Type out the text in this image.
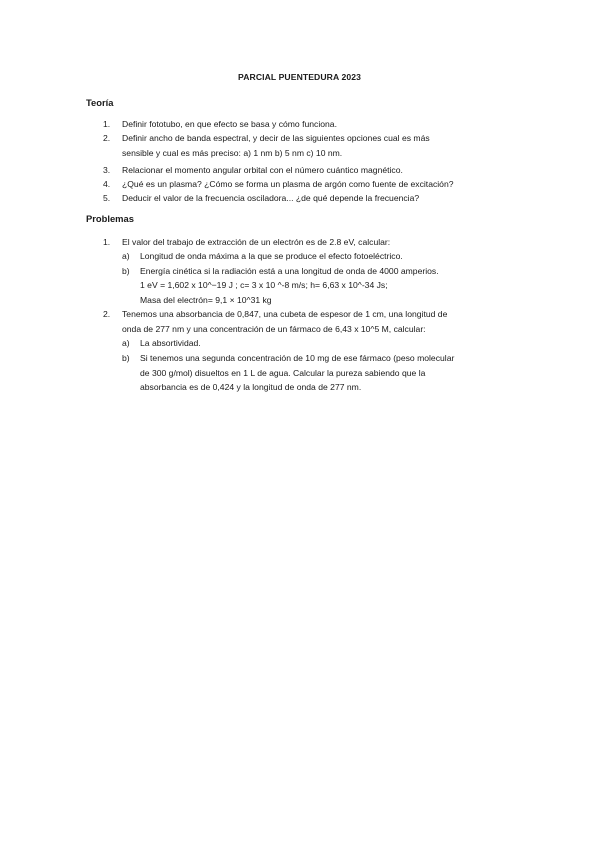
PARCIAL PUENTEDURA 2023
Teoría
1. Definir fototubo, en que efecto se basa y cómo funciona.
2. Definir ancho de banda espectral, y decir de las siguientes opciones cual es más
sensible y cual es más preciso: a) 1 nm b) 5 nm c) 10 nm.
3. Relacionar el momento angular orbital con el número cuántico magnético.
4. ¿Qué es un plasma? ¿Cómo se forma un plasma de argón como fuente de excitación?
5. Deducir el valor de la frecuencia osciladora... ¿de qué depende la frecuencia?
Problemas
1. El valor del trabajo de extracción de un electrón es de 2.8 eV, calcular:
a) Longitud de onda máxima a la que se produce el efecto fotoeléctrico.
b) Energía cinética si la radiación está a una longitud de onda de 4000 amperios.
1 eV = 1,602 x 10^−19 J ; c= 3 x 10 ^-8 m/s; h= 6,63 x 10^-34 Js;
Masa del electrón= 9,1 × 10^31 kg
2. Tenemos una absorbancia de 0,847, una cubeta de espesor de 1 cm, una longitud de
onda de 277 nm y una concentración de un fármaco de 6,43 x 10^5 M, calcular:
a) La absortividad.
b) Si tenemos una segunda concentración de 10 mg de ese fármaco (peso molecular
de 300 g/mol) disueltos en 1 L de agua. Calcular la pureza sabiendo que la
absorbancia es de 0,424 y la longitud de onda de 277 nm.
